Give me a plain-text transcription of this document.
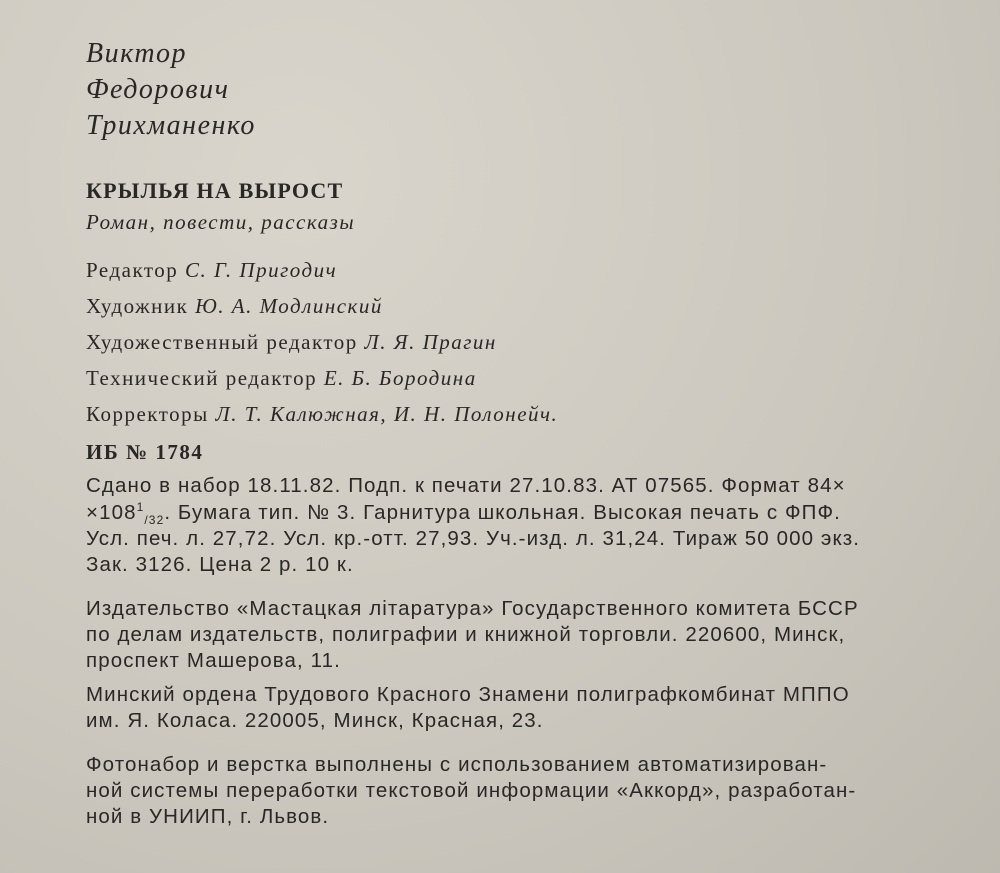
Виктор
Федорович
Трихманенко
КРЫЛЬЯ НА ВЫРОСТ
Роман, повести, рассказы
Редактор С. Г. Пригодич
Художник Ю. А. Модлинский
Художественный редактор Л. Я. Прагин
Технический редактор Е. Б. Бородина
Корректоры Л. Т. Калюжная, И. Н. Полонейч.
ИБ № 1784
Сдано в набор 18.11.82. Подп. к печати 27.10.83. АТ 07565. Формат 84×
$\times 108^1_{/32}$. Бумага тип. № 3. Гарнитура школьная. Высокая печать с ФПФ.
Усл. печ. л. 27,72. Усл. кр.-отт. 27,93. Уч.-изд. л. 31,24. Тираж 50 000 экз.
Зак. 3126. Цена 2 р. 10 к.
Издательство «Мастацкая лiтаратура» Государственного комитета БССР
по делам издательств, полиграфии и книжной торговли. 220600, Минск,
проспект Машерова, 11.
Минский ордена Трудового Красного Знамени полиграфкомбинат МППО
им. Я. Коласа. 220005, Минск, Красная, 23.
Фотонабор и верстка выполнены с использованием автоматизирован-
ной системы переработки текстовой информации «Аккорд», разработан-
ной в УНИИП, г. Львов.
